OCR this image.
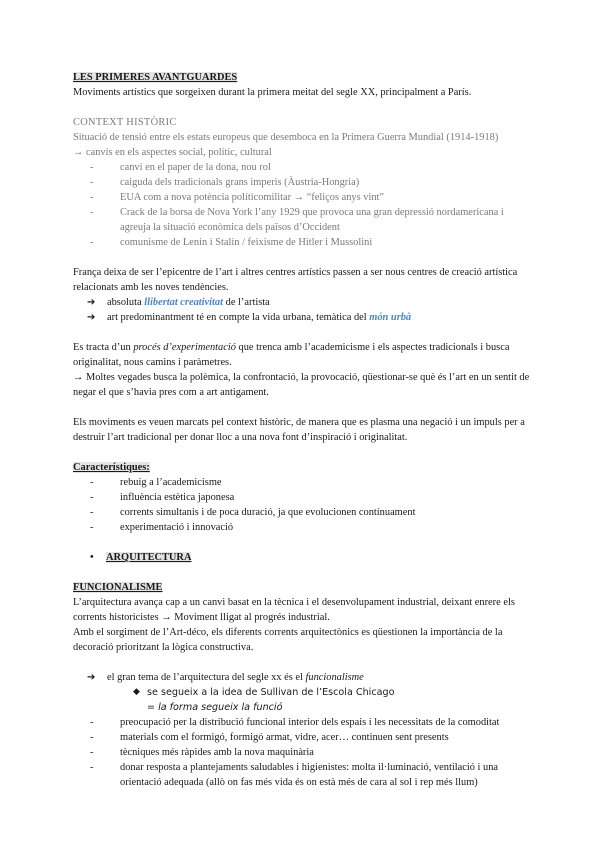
LES PRIMERES AVANTGUARDES

Moviments artístics que sorgeixen durant la primera meitat del segle XX, principalment a París.

CONTEXT HISTÒRIC

Situació de tensió entre els estats europeus que desemboca en la Primera Guerra Mundial (1914-1918)

→ canvis en els aspectes social, polític, cultural

- canvi en el paper de la dona, nou rol
- caiguda dels tradicionals grans imperis (Àustria-Hongria)
- EUA com a nova potència políticomilitar → “feliços anys vint”
- Crack de la borsa de Nova York l’any 1929 que provoca una gran depressió nordamericana i agreuja la situació econòmica dels països d’Occident
- comunisme de Lenin i Stalin / feixisme de Hitler i Mussolini

França deixa de ser l’epicentre de l’art i altres centres artístics passen a ser nous centres de creació artística relacionats amb les noves tendències.

➔ absoluta llibertat creativitat de l’artista
➔ art predominantment té en compte la vida urbana, temàtica del món urbà

Es tracta d’un procés d’experimentació que trenca amb l’academicisme i els aspectes tradicionals i busca originalitat, nous camins i paràmetres.

→ Moltes vegades busca la polèmica, la confrontació, la provocació, qüestionar-se què és l’art en un sentit de negar el que s’havia pres com a art antigament.

Els moviments es veuen marcats pel context històric, de manera que es plasma una negació i un impuls per a destruir l’art tradicional per donar lloc a una nova font d’inspiració i originalitat.

Característiques:

- rebuig a l’academicisme
- influència estètica japonesa
- corrents simultanis i de poca duració, ja que evolucionen contínuament
- experimentació i innovació

• ARQUITECTURA

FUNCIONALISME

L’arquitectura avança cap a un canvi basat en la tècnica i el desenvolupament industrial, deixant enrere els corrents historicistes → Moviment lligat al progrés industrial.

Amb el sorgiment de l’Art-déco, els diferents corrents arquitectònics es qüestionen la importància de la decoració prioritzant la lògica constructiva.

➔ el gran tema de l’arquitectura del segle xx és el funcionalisme

◆ se segueix a la idea de Sullivan de l’Escola Chicago

= la forma segueix la funció

- preocupació per la distribució funcional interior dels espais i les necessitats de la comoditat
- materials com el formigó, formigó armat, vidre, acer… continuen sent presents
- tècniques més ràpides amb la nova maquinària
- donar resposta a plantejaments saludables i higienistes: molta il·luminació, ventilació i una orientació adequada (allò on fas més vida és on està més de cara al sol i rep més llum)
